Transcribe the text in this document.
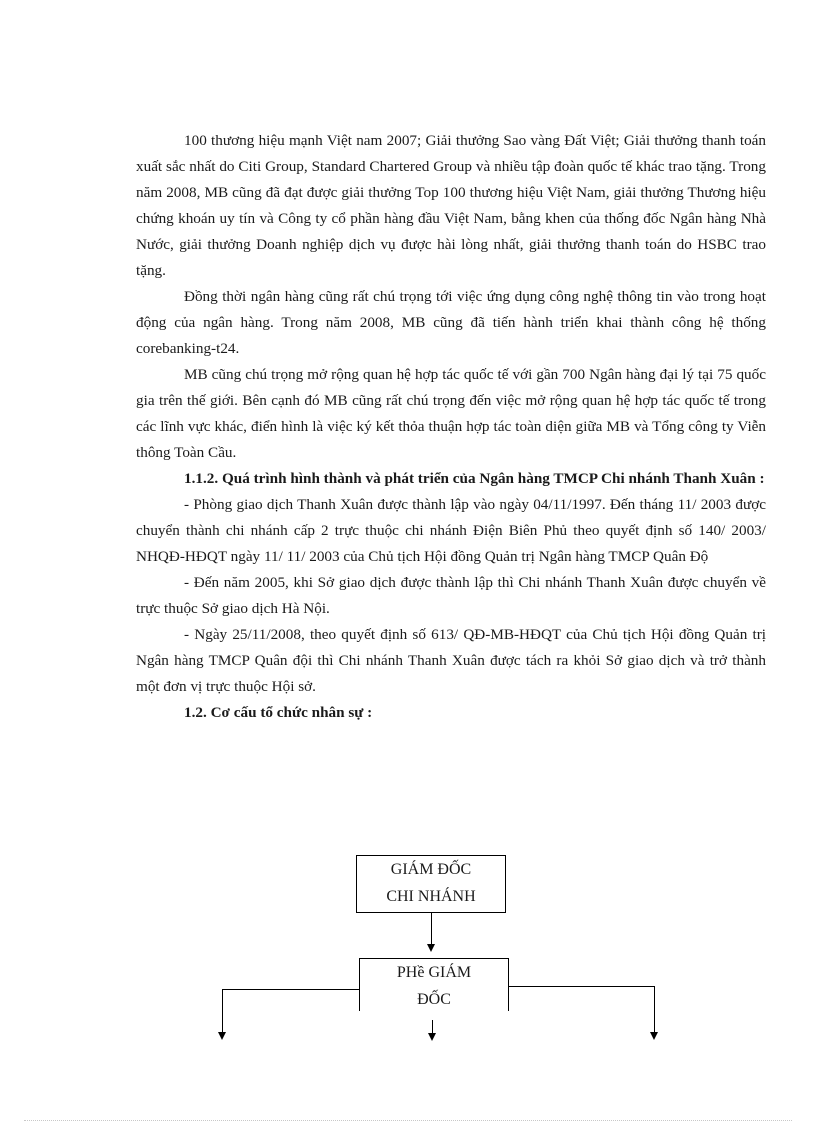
100 thương hiệu mạnh Việt nam 2007; Giải thưởng Sao vàng Đất Việt; Giải thưởng thanh toán xuất sắc nhất do Citi Group, Standard Chartered Group và nhiều tập đoàn quốc tế khác trao tặng. Trong năm 2008, MB cũng đã đạt được giải thưởng Top 100 thương hiệu Việt Nam, giải thưởng Thương hiệu chứng khoán uy tín và Công ty cổ phần hàng đầu Việt Nam, bằng khen của thống đốc Ngân hàng Nhà Nước, giải thưởng Doanh nghiệp dịch vụ được hài lòng nhất, giải thưởng thanh toán do HSBC trao tặng.

Đồng thời ngân hàng cũng rất chú trọng tới việc ứng dụng công nghệ thông tin vào trong hoạt động của ngân hàng. Trong năm 2008, MB cũng đã tiến hành triển khai thành công hệ thống corebanking-t24.

MB cũng chú trọng mở rộng quan hệ hợp tác quốc tế với gần 700 Ngân hàng đại lý tại 75 quốc gia trên thế giới. Bên cạnh đó MB cũng rất chú trọng đến việc mở rộng quan hệ hợp tác quốc tế trong các lĩnh vực khác, điển hình là việc ký kết thỏa thuận hợp tác toàn diện giữa MB và Tổng công ty Viễn thông Toàn Cầu.

1.1.2. Quá trình hình thành và phát triển của Ngân hàng TMCP Chi nhánh Thanh Xuân :

- Phòng giao dịch Thanh Xuân được thành lập vào ngày 04/11/1997. Đến tháng 11/ 2003 được chuyển thành chi nhánh cấp 2 trực thuộc chi nhánh Điện Biên Phủ theo quyết định số 140/ 2003/ NHQĐ-HĐQT ngày 11/ 11/ 2003 của Chủ tịch Hội đồng Quản trị Ngân hàng TMCP Quân Độ

- Đến năm 2005, khi Sở giao dịch được thành lập thì Chi nhánh Thanh Xuân được chuyển về trực thuộc Sở giao dịch Hà Nội.

- Ngày 25/11/2008, theo quyết định số 613/ QĐ-MB-HĐQT của Chủ tịch Hội đồng Quản trị Ngân hàng TMCP Quân đội thì Chi nhánh Thanh Xuân được tách ra khỏi Sở giao dịch và trở thành một đơn vị trực thuộc Hội sở.

1.2. Cơ cấu tổ chức nhân sự :

GIÁM ĐỐC
CHI NHÁNH
PHề GIÁM
ĐỐC
